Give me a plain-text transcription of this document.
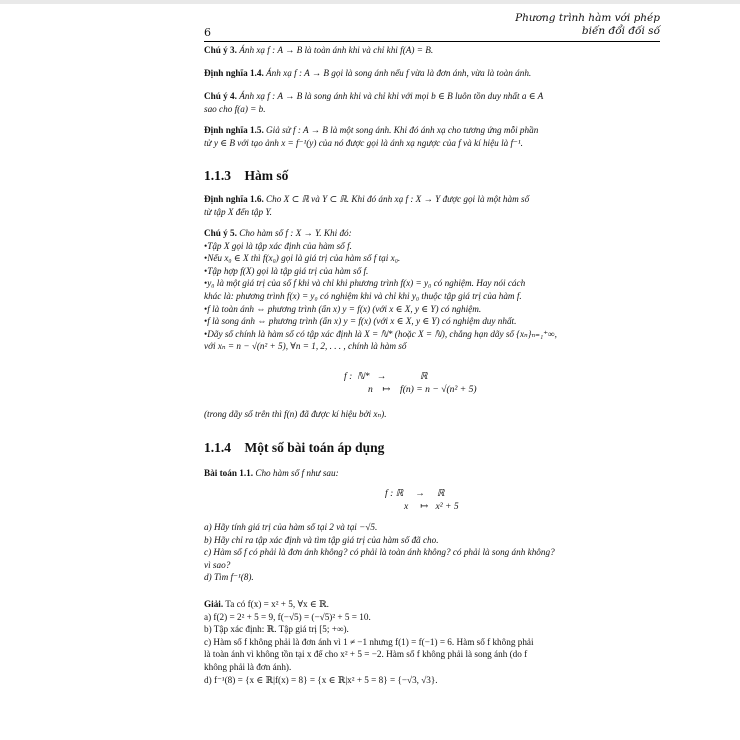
6
Phương trình hàm với phép
biến đổi đối số
Chú ý 3. Ánh xạ f : A → B là toàn ánh khi và chỉ khi f(A) = B.
Định nghĩa 1.4. Ánh xạ f : A → B gọi là song ánh nếu f vừa là đơn ánh, vừa là toàn ánh.
Chú ý 4. Ánh xạ f : A → B là song ánh khi và chỉ khi với mọi b ∈ B luôn tồn duy nhất a ∈ A
sao cho f(a) = b.
Định nghĩa 1.5. Giả sử f : A → B là một song ánh. Khi đó ánh xạ cho tương ứng mỗi phần
tử y ∈ B với tạo ảnh x = f⁻¹(y) của nó được gọi là ánh xạ ngược của f và kí hiệu là f⁻¹.
1.1.3 Hàm số
Định nghĩa 1.6. Cho X ⊂ ℝ và Y ⊂ ℝ. Khi đó ánh xạ f : X → Y được gọi là một hàm số
từ tập X đến tập Y.
Chú ý 5. Cho hàm số f : X → Y. Khi đó:
• Tập X gọi là tập xác định của hàm số f.
• Nếu x₀ ∈ X thì f(x₀) gọi là giá trị của hàm số f tại x₀.
• Tập hợp f(X) gọi là tập giá trị của hàm số f.
• y₀ là một giá trị của số f khi và chỉ khi phương trình f(x) = y₀ có nghiệm. Hay nói cách
khác là: phương trình f(x) = y₀ có nghiệm khi và chỉ khi y₀ thuộc tập giá trị của hàm f.
• f là toàn ánh ⇔ phương trình (ẩn x) y = f(x) (với x ∈ X, y ∈ Y) có nghiệm.
• f là song ánh ⇔ phương trình (ẩn x) y = f(x) (với x ∈ X, y ∈ Y) có nghiệm duy nhất.
• Dãy số chính là hàm số có tập xác định là X = ℕ* (hoặc X = ℕ), chẳng hạn dãy số {xₙ}ₙ₌₁⁺∞,
với xₙ = n − √(n² + 5), ∀n = 1, 2, . . . , chính là hàm số
f :  ℕ*   →              ℝ
n    ↦    f(n) = n − √(n² + 5)
(trong dãy số trên thì f(n) đã được kí hiệu bởi xₙ).
1.1.4 Một số bài toán áp dụng
Bài toán 1.1. Cho hàm số f như sau:
f : ℝ     →     ℝ
x     ↦   x² + 5
a) Hãy tính giá trị của hàm số tại 2 và tại −√5.
b) Hãy chỉ ra tập xác định và tìm tập giá trị của hàm số đã cho.
c) Hàm số f có phải là đơn ánh không? có phải là toàn ánh không? có phải là song ánh không?
vì sao?
d) Tìm f⁻¹(8).
Giải. Ta có f(x) = x² + 5, ∀x ∈ ℝ.
a) f(2) = 2² + 5 = 9, f(−√5) = (−√5)² + 5 = 10.
b) Tập xác định: ℝ. Tập giá trị [5; +∞).
c) Hàm số f không phải là đơn ánh vì 1 ≠ −1 nhưng f(1) = f(−1) = 6. Hàm số f không phải
là toàn ánh vì không tồn tại x để cho x² + 5 = −2. Hàm số f không phải là song ánh (do f
không phải là đơn ánh).
d) f⁻¹(8) = {x ∈ ℝ|f(x) = 8} = {x ∈ ℝ|x² + 5 = 8} = {−√3, √3}.
